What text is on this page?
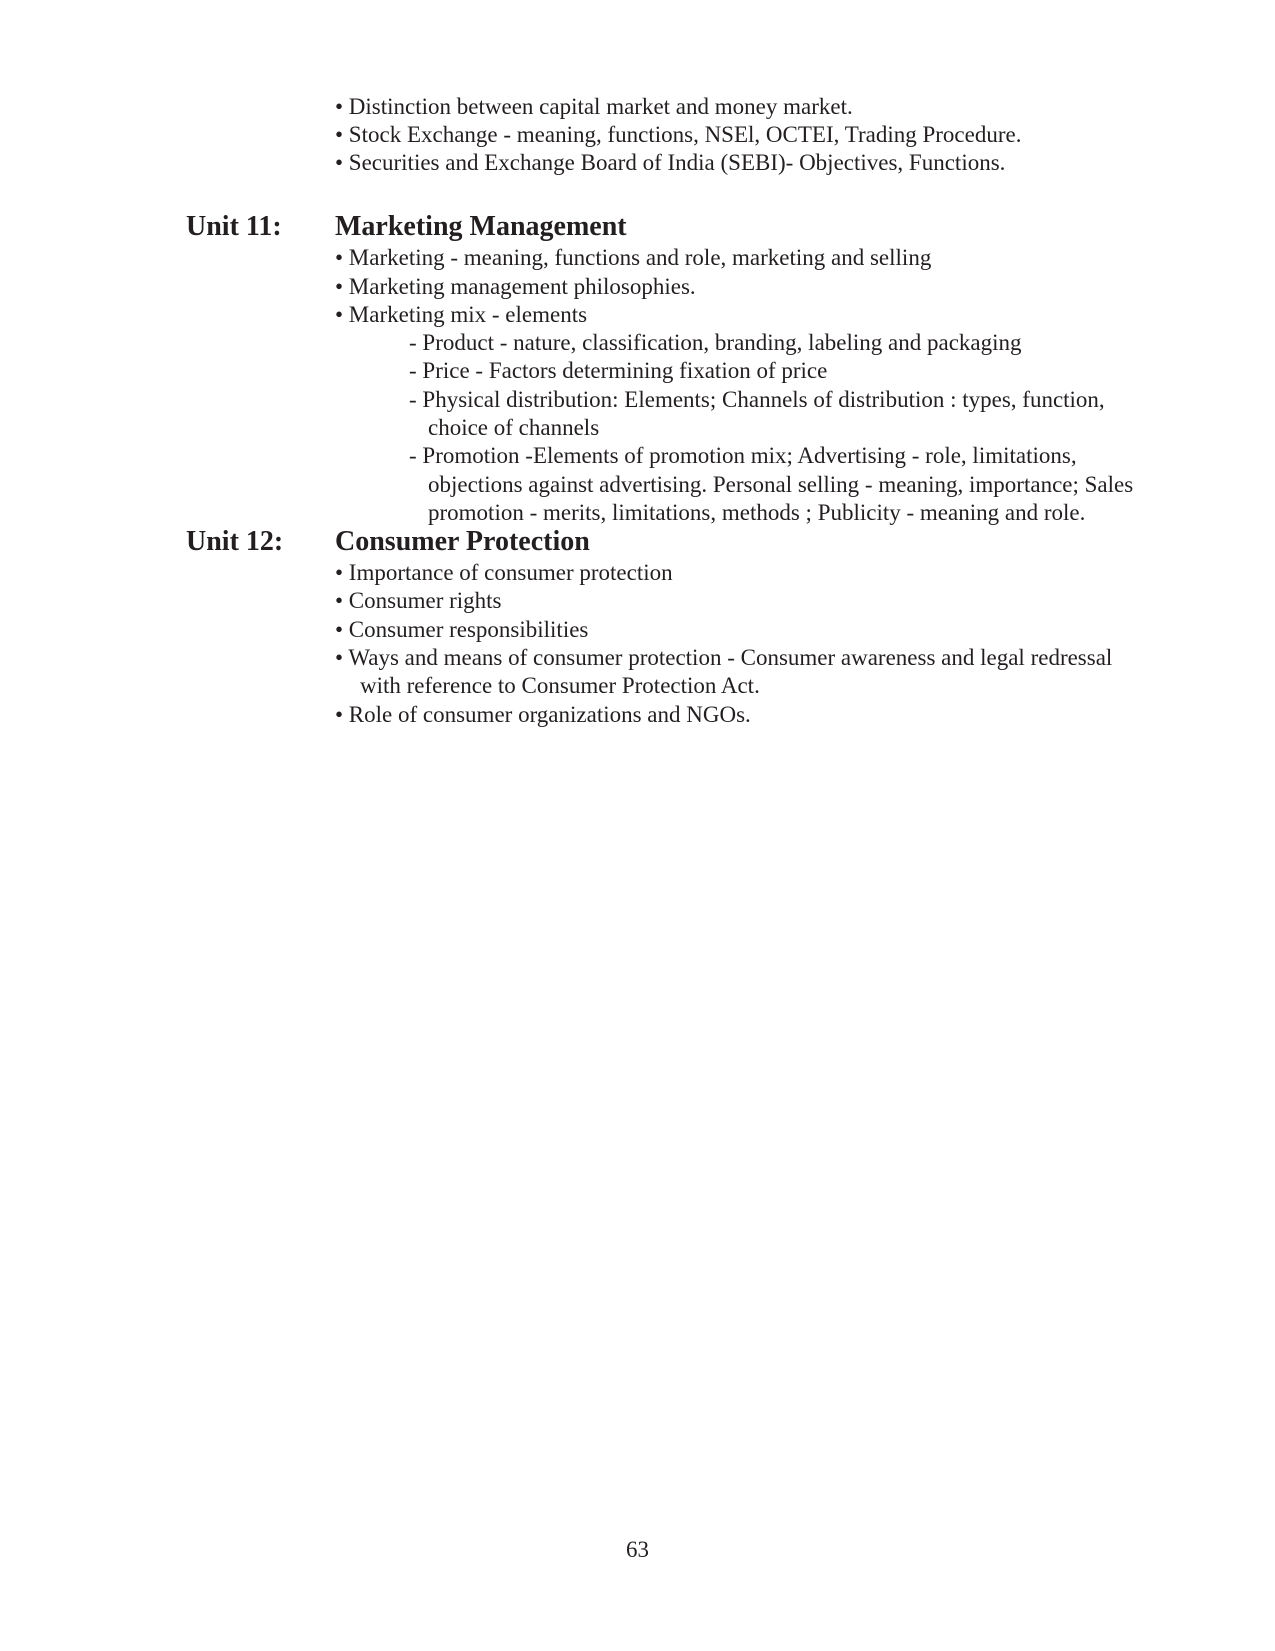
• Distinction between capital market and money market.
• Stock Exchange - meaning, functions, NSEl, OCTEI, Trading Procedure.
• Securities and Exchange Board of India (SEBI)- Objectives, Functions.
Unit 11: Marketing Management
• Marketing - meaning, functions and role, marketing and selling
• Marketing management philosophies.
• Marketing mix - elements
- Product - nature, classification, branding, labeling and packaging
- Price - Factors determining fixation of price
- Physical distribution: Elements; Channels of distribution : types, function,
choice of channels
- Promotion -Elements of promotion mix; Advertising - role, limitations,
objections against advertising. Personal selling - meaning, importance; Sales
promotion - merits, limitations, methods ; Publicity - meaning and role.
Unit 12: Consumer Protection
• Importance of consumer protection
• Consumer rights
• Consumer responsibilities
• Ways and means of consumer protection - Consumer awareness and legal redressal
with reference to Consumer Protection Act.
• Role of consumer organizations and NGOs.
63
